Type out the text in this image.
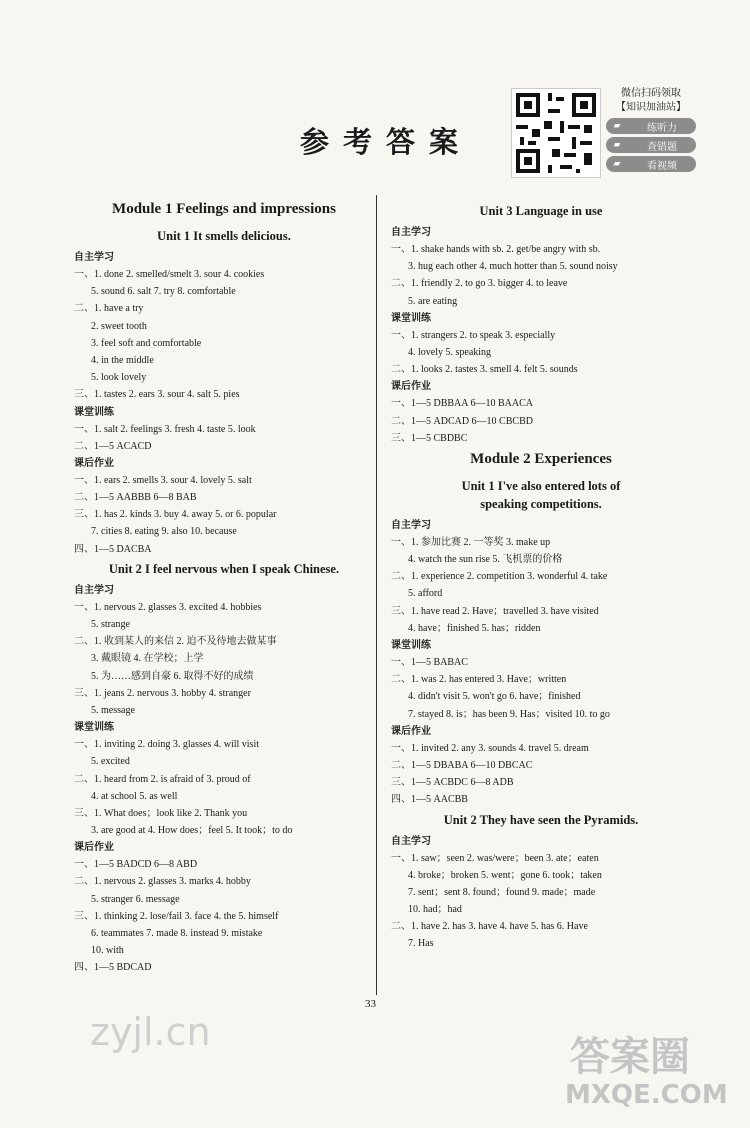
参考答案
微信扫码领取
【知识加油站】
▰	练听力
▰	查错题
▰	看视频
Module 1 Feelings and impressions
Unit 1 It smells delicious.
自主学习
一、1. done 2. smelled/smelt 3. sour 4. cookies
5. sound 6. salt 7. try 8. comfortable
二、1. have a try
2. sweet tooth
3. feel soft and comfortable
4. in the middle
5. look lovely
三、1. tastes 2. ears 3. sour 4. salt 5. pies
课堂训练
一、1. salt 2. feelings 3. fresh 4. taste 5. look
二、1—5 ACACD
课后作业
一、1. ears 2. smells 3. sour 4. lovely 5. salt
二、1—5 AABBB 6—8 BAB
三、1. has 2. kinds 3. buy 4. away 5. or 6. popular
7. cities 8. eating 9. also 10. because
四、1—5 DACBA
Unit 2 I feel nervous when I speak Chinese.
自主学习
一、1. nervous 2. glasses 3. excited 4. hobbies
5. strange
二、1. 收到某人的来信 2. 迫不及待地去做某事
3. 戴眼镜 4. 在学校；上学
5. 为……感到自豪 6. 取得不好的成绩
三、1. jeans 2. nervous 3. hobby 4. stranger
5. message
课堂训练
一、1. inviting 2. doing 3. glasses 4. will visit
5. excited
二、1. heard from 2. is afraid of 3. proud of
4. at school 5. as well
三、1. What does；look like 2. Thank you
3. are good at 4. How does；feel 5. It took；to do
课后作业
一、1—5 BADCD 6—8 ABD
二、1. nervous 2. glasses 3. marks 4. hobby
5. stranger 6. message
三、1. thinking 2. lose/fail 3. face 4. the 5. himself
6. teammates 7. made 8. instead 9. mistake
10. with
四、1—5 BDCAD
Unit 3 Language in use
自主学习
一、1. shake hands with sb. 2. get/be angry with sb.
3. hug each other 4. much hotter than 5. sound noisy
二、1. friendly 2. to go 3. bigger 4. to leave
5. are eating
课堂训练
一、1. strangers 2. to speak 3. especially
4. lovely 5. speaking
二、1. looks 2. tastes 3. smell 4. felt 5. sounds
课后作业
一、1—5 DBBAA 6—10 BAACA
二、1—5 ADCAD 6—10 CBCBD
三、1—5 CBDBC
Module 2 Experiences
Unit 1 I've also entered lots of
speaking competitions.
自主学习
一、1. 参加比赛 2. 一等奖 3. make up
4. watch the sun rise 5. 飞机票的价格
二、1. experience 2. competition 3. wonderful 4. take
5. afford
三、1. have read 2. Have；travelled 3. have visited
4. have；finished 5. has；ridden
课堂训练
一、1—5 BABAC
二、1. was 2. has entered 3. Have；written
4. didn't visit 5. won't go 6. have；finished
7. stayed 8. is；has been 9. Has；visited 10. to go
课后作业
一、1. invited 2. any 3. sounds 4. travel 5. dream
二、1—5 DBABA 6—10 DBCAC
三、1—5 ACBDC 6—8 ADB
四、1—5 AACBB
Unit 2 They have seen the Pyramids.
自主学习
一、1. saw；seen 2. was/were；been 3. ate；eaten
4. broke；broken 5. went；gone 6. took；taken
7. sent；sent 8. found；found 9. made；made
10. had；had
二、1. have 2. has 3. have 4. have 5. has 6. Have
7. Has
33
zyjl.cn
答案圈
MXQE.COM
